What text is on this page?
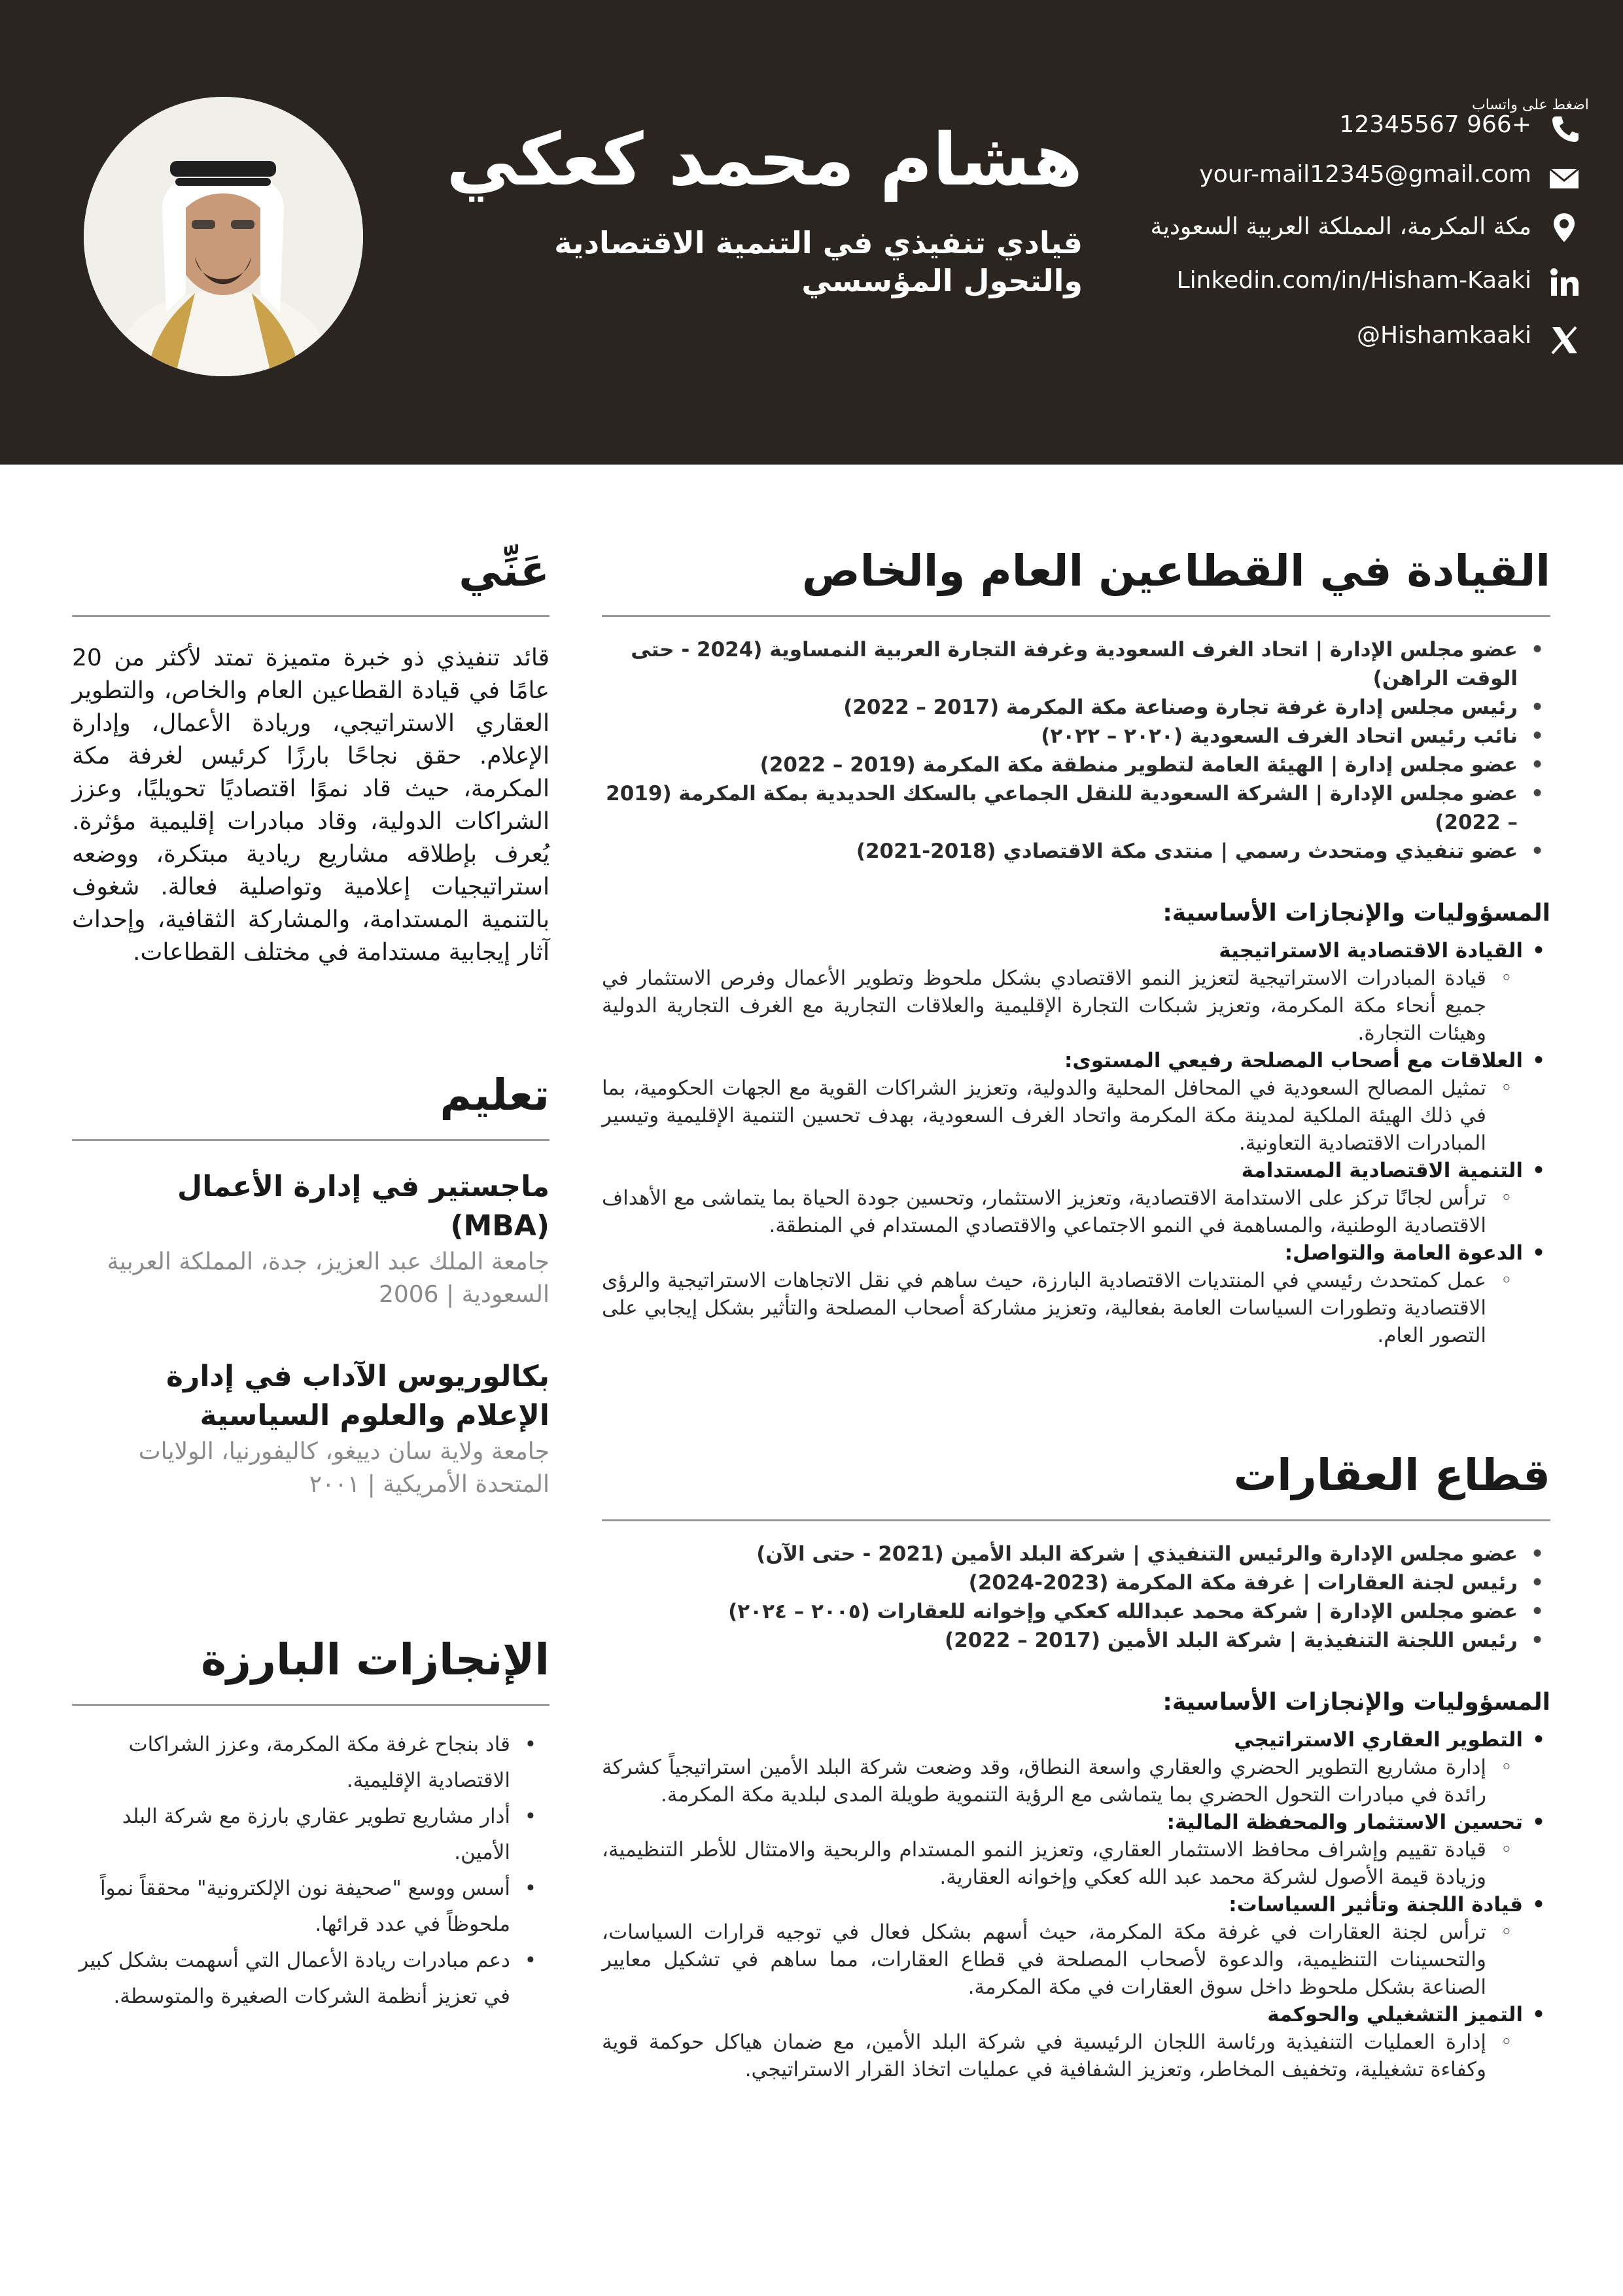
هشام محمد كعكي
قيادي تنفيذي في التنمية الاقتصادية والتحول المؤسسي
اضغط على واتساب
+966 12345567
your-mail12345@gmail.com
مكة المكرمة، المملكة العربية السعودية
Linkedin.com/in/Hisham-Kaaki
Hishamkaaki@
القيادة في القطاعين العام والخاص
• عضو مجلس الإدارة | اتحاد الغرف السعودية وغرفة التجارة العربية النمساوية (2024 - حتى الوقت الراهن)
• رئيس مجلس إدارة غرفة تجارة وصناعة مكة المكرمة (2017 – 2022)
• نائب رئيس اتحاد الغرف السعودية (٢٠٢٠ – ٢٠٢٢)
• عضو مجلس إدارة | الهيئة العامة لتطوير منطقة مكة المكرمة (2019 – 2022)
• عضو مجلس الإدارة | الشركة السعودية للنقل الجماعي بالسكك الحديدية بمكة المكرمة (2019 – 2022)
• عضو تنفيذي ومتحدث رسمي | منتدى مكة الاقتصادي (2018-2021)
المسؤوليات والإنجازات الأساسية:
• القيادة الاقتصادية الاستراتيجية
◦ قيادة المبادرات الاستراتيجية لتعزيز النمو الاقتصادي بشكل ملحوظ وتطوير الأعمال وفرص الاستثمار في جميع أنحاء مكة المكرمة، وتعزيز شبكات التجارة الإقليمية والعلاقات التجارية مع الغرف التجارية الدولية وهيئات التجارة.
• العلاقات مع أصحاب المصلحة رفيعي المستوى:
◦ تمثيل المصالح السعودية في المحافل المحلية والدولية، وتعزيز الشراكات القوية مع الجهات الحكومية، بما في ذلك الهيئة الملكية لمدينة مكة المكرمة واتحاد الغرف السعودية، بهدف تحسين التنمية الإقليمية وتيسير المبادرات الاقتصادية التعاونية.
• التنمية الاقتصادية المستدامة
◦ ترأس لجانًا تركز على الاستدامة الاقتصادية، وتعزيز الاستثمار، وتحسين جودة الحياة بما يتماشى مع الأهداف الاقتصادية الوطنية، والمساهمة في النمو الاجتماعي والاقتصادي المستدام في المنطقة.
• الدعوة العامة والتواصل:
◦ عمل كمتحدث رئيسي في المنتديات الاقتصادية البارزة، حيث ساهم في نقل الاتجاهات الاستراتيجية والرؤى الاقتصادية وتطورات السياسات العامة بفعالية، وتعزيز مشاركة أصحاب المصلحة والتأثير بشكل إيجابي على التصور العام.
قطاع العقارات
• عضو مجلس الإدارة والرئيس التنفيذي | شركة البلد الأمين (2021 - حتى الآن)
• رئيس لجنة العقارات | غرفة مكة المكرمة (2023-2024)
• عضو مجلس الإدارة | شركة محمد عبدالله كعكي وإخوانه للعقارات (٢٠٠٥ – ٢٠٢٤)
• رئيس اللجنة التنفيذية | شركة البلد الأمين (2017 – 2022)
المسؤوليات والإنجازات الأساسية:
• التطوير العقاري الاستراتيجي
◦ إدارة مشاريع التطوير الحضري والعقاري واسعة النطاق، وقد وضعت شركة البلد الأمين استراتيجياً كشركة رائدة في مبادرات التحول الحضري بما يتماشى مع الرؤية التنموية طويلة المدى لبلدية مكة المكرمة.
• تحسين الاستثمار والمحفظة المالية:
◦ قيادة تقييم وإشراف محافظ الاستثمار العقاري، وتعزيز النمو المستدام والربحية والامتثال للأطر التنظيمية، وزيادة قيمة الأصول لشركة محمد عبد الله كعكي وإخوانه العقارية.
• قيادة اللجنة وتأثير السياسات:
◦ ترأس لجنة العقارات في غرفة مكة المكرمة، حيث أسهم بشكل فعال في توجيه قرارات السياسات، والتحسينات التنظيمية، والدعوة لأصحاب المصلحة في قطاع العقارات، مما ساهم في تشكيل معايير الصناعة بشكل ملحوظ داخل سوق العقارات في مكة المكرمة.
• التميز التشغيلي والحوكمة
◦ إدارة العمليات التنفيذية ورئاسة اللجان الرئيسية في شركة البلد الأمين، مع ضمان هياكل حوكمة قوية وكفاءة تشغيلية، وتخفيف المخاطر، وتعزيز الشفافية في عمليات اتخاذ القرار الاستراتيجي.
عَنِّي
قائد تنفيذي ذو خبرة متميزة تمتد لأكثر من 20 عامًا في قيادة القطاعين العام والخاص، والتطوير العقاري الاستراتيجي، وريادة الأعمال، وإدارة الإعلام. حقق نجاحًا بارزًا كرئيس لغرفة مكة المكرمة، حيث قاد نموًا اقتصاديًا تحويليًا، وعزز الشراكات الدولية، وقاد مبادرات إقليمية مؤثرة. يُعرف بإطلاقه مشاريع ريادية مبتكرة، ووضعه استراتيجيات إعلامية وتواصلية فعالة. شغوف بالتنمية المستدامة، والمشاركة الثقافية، وإحداث آثار إيجابية مستدامة في مختلف القطاعات.
تعليم
ماجستير في إدارة الأعمال (MBA)
جامعة الملك عبد العزيز، جدة، المملكة العربية السعودية | 2006
بكالوريوس الآداب في إدارة الإعلام والعلوم السياسية
جامعة ولاية سان دييغو، كاليفورنيا، الولايات المتحدة الأمريكية | ٢٠٠١
الإنجازات البارزة
• قاد بنجاح غرفة مكة المكرمة، وعزز الشراكات الاقتصادية الإقليمية.
• أدار مشاريع تطوير عقاري بارزة مع شركة البلد الأمين.
• أسس ووسع "صحيفة نون الإلكترونية" محققاً نمواً ملحوظاً في عدد قرائها.
• دعم مبادرات ريادة الأعمال التي أسهمت بشكل كبير في تعزيز أنظمة الشركات الصغيرة والمتوسطة.
